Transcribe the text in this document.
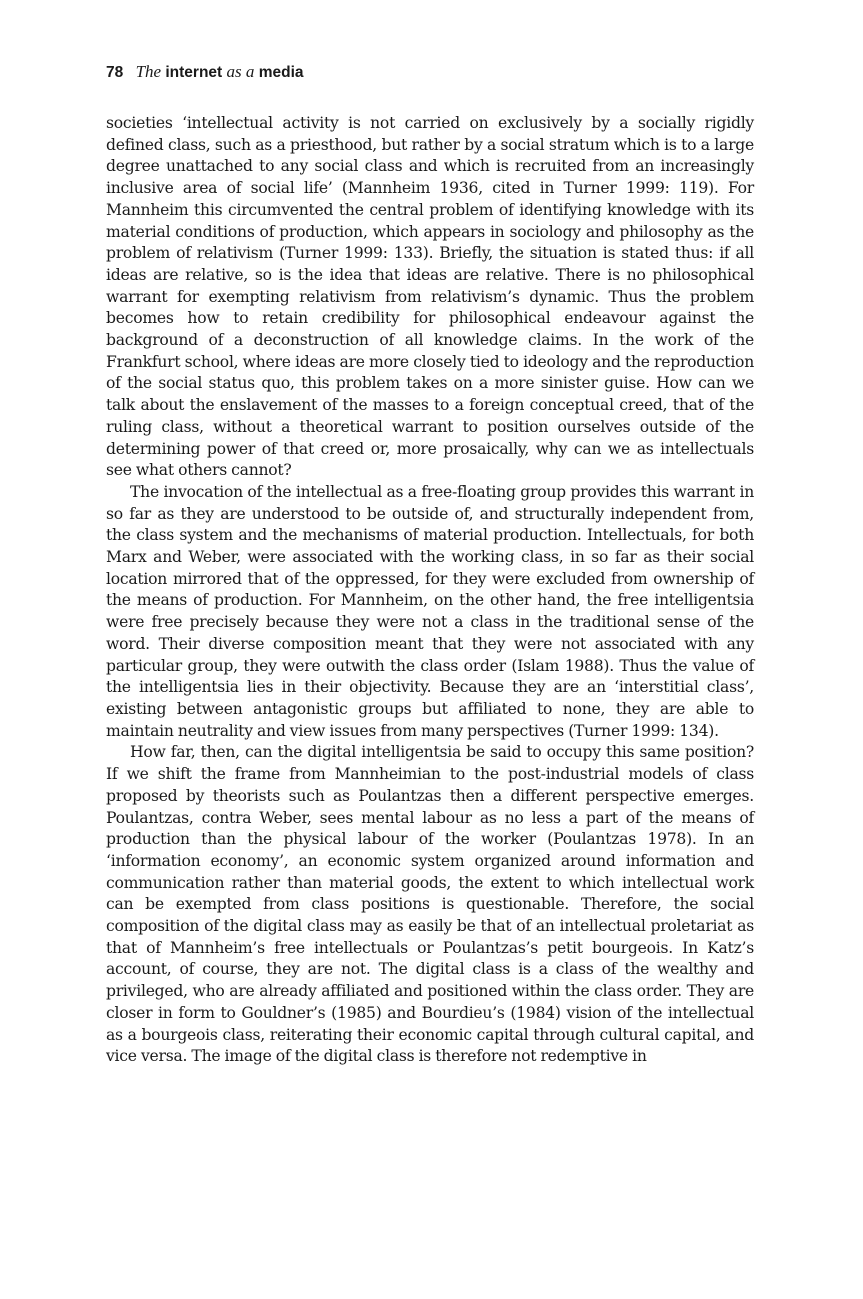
78 The internet as a media

societies ‘intellectual activity is not carried on exclusively by a socially rigidly defined class, such as a priesthood, but rather by a social stratum which is to a large degree unattached to any social class and which is recruited from an increasingly inclusive area of social life’ (Mannheim 1936, cited in Turner 1999: 119). For Mannheim this circumvented the central problem of identifying knowledge with its material conditions of production, which appears in sociology and philosophy as the problem of relativism (Turner 1999: 133). Briefly, the situation is stated thus: if all ideas are relative, so is the idea that ideas are relative. There is no philosophical warrant for exempting relativism from relativism’s dynamic. Thus the problem becomes how to retain credibility for philosophical endeavour against the background of a deconstruction of all knowledge claims. In the work of the Frankfurt school, where ideas are more closely tied to ideology and the reproduction of the social status quo, this problem takes on a more sinister guise. How can we talk about the enslavement of the masses to a foreign conceptual creed, that of the ruling class, without a theoretical warrant to position ourselves outside of the determining power of that creed or, more prosaically, why can we as intellectuals see what others cannot?

The invocation of the intellectual as a free-floating group provides this warrant in so far as they are understood to be outside of, and structurally independent from, the class system and the mechanisms of material production. Intellectuals, for both Marx and Weber, were associated with the working class, in so far as their social location mirrored that of the oppressed, for they were excluded from ownership of the means of production. For Mannheim, on the other hand, the free intelligentsia were free precisely because they were not a class in the traditional sense of the word. Their diverse composition meant that they were not associated with any particular group, they were outwith the class order (Islam 1988). Thus the value of the intelligentsia lies in their objectivity. Because they are an ‘interstitial class’, existing between antagonistic groups but affiliated to none, they are able to maintain neutrality and view issues from many perspectives (Turner 1999: 134).

How far, then, can the digital intelligentsia be said to occupy this same position? If we shift the frame from Mannheimian to the post-industrial models of class proposed by theorists such as Poulantzas then a different perspective emerges. Poulantzas, contra Weber, sees mental labour as no less a part of the means of production than the physical labour of the worker (Poulantzas 1978). In an ‘information economy’, an economic system organized around information and communication rather than material goods, the extent to which intellectual work can be exempted from class positions is questionable. Therefore, the social composition of the digital class may as easily be that of an intellectual proletariat as that of Mannheim’s free intellectuals or Poulantzas’s petit bourgeois. In Katz’s account, of course, they are not. The digital class is a class of the wealthy and privileged, who are already affiliated and positioned within the class order. They are closer in form to Gouldner’s (1985) and Bourdieu’s (1984) vision of the intellectual as a bourgeois class, reiterating their economic capital through cultural capital, and vice versa. The image of the digital class is therefore not redemptive in
